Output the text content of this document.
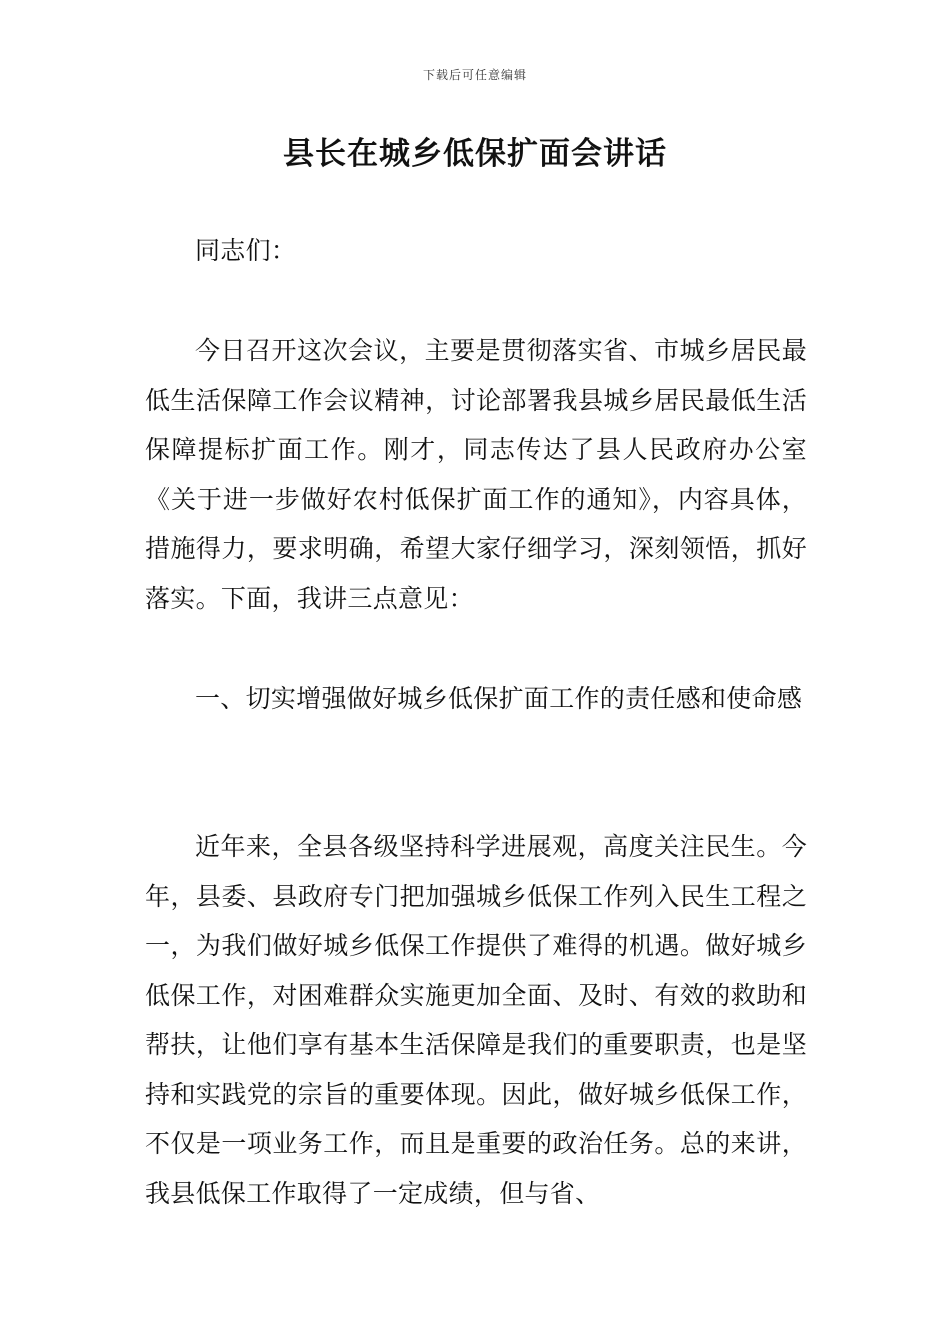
下载后可任意编辑
县长在城乡低保扩面会讲话

同志们：

今日召开这次会议，主要是贯彻落实省、市城乡居民最低生活保障工作会议精神，讨论部署我县城乡居民最低生活保障提标扩面工作。刚才，同志传达了县人民政府办公室《关于进一步做好农村低保扩面工作的通知》，内容具体，措施得力，要求明确，希望大家仔细学习，深刻领悟，抓好落实。下面，我讲三点意见：

一、切实增强做好城乡低保扩面工作的责任感和使命感

近年来，全县各级坚持科学进展观，高度关注民生。今年，县委、县政府专门把加强城乡低保工作列入民生工程之一，为我们做好城乡低保工作提供了难得的机遇。做好城乡低保工作，对困难群众实施更加全面、及时、有效的救助和帮扶，让他们享有基本生活保障是我们的重要职责，也是坚持和实践党的宗旨的重要体现。因此，做好城乡低保工作，不仅是一项业务工作，而且是重要的政治任务。总的来讲，我县低保工作取得了一定成绩，但与省、
